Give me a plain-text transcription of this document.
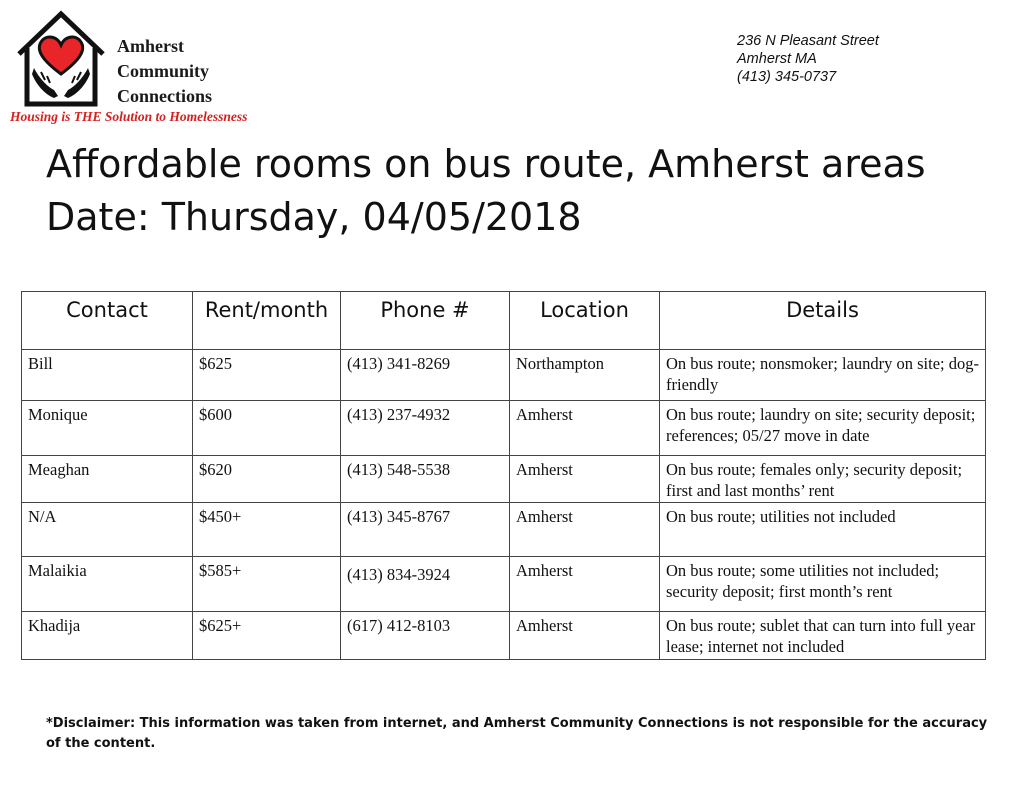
Amherst
Community
Connections
Housing is THE Solution to Homelessness
236 N Pleasant Street
Amherst MA
(413) 345-0737
Affordable rooms on bus route, Amherst areas
Date: Thursday, 04/05/2018
Contact	Rent/month	Phone #	Location	Details
Bill	$625	(413) 341-8269	Northampton	On bus route; nonsmoker; laundry on site; dog-friendly
Monique	$600	(413) 237-4932	Amherst	On bus route; laundry on site; security deposit; references; 05/27 move in date
Meaghan	$620	(413) 548-5538	Amherst	On bus route; females only; security deposit; first and last months’ rent
N/A	$450+	(413) 345-8767	Amherst	On bus route; utilities not included
Malaikia	$585+	(413) 834-3924	Amherst	On bus route; some utilities not included; security deposit; first month’s rent
Khadija	$625+	(617) 412-8103	Amherst	On bus route; sublet that can turn into full year lease; internet not included
*Disclaimer: This information was taken from internet, and Amherst Community Connections is not responsible for the accuracy of the content.
